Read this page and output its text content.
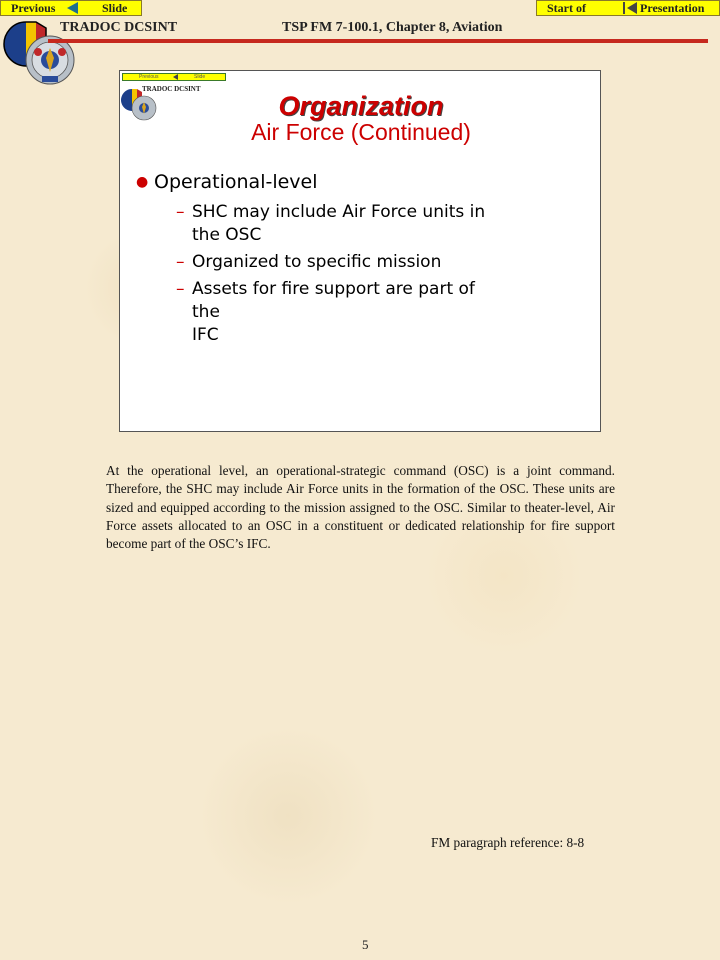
Previous	Slide	Start of	Presentation
TRADOC DCSINT	TSP FM 7-100.1, Chapter 8, Aviation
Previous	Slide
TRADOC DCSINT
Organization
Air Force (Continued)
● Operational-level
– SHC may include Air Force units in
the OSC
– Organized to specific mission
– Assets for fire support are part of the
IFC
At the operational level, an operational-strategic command (OSC) is a joint command. Therefore, the SHC may include Air Force units in the formation of the OSC. These units are sized and equipped according to the mission assigned to the OSC. Similar to theater-level, Air Force assets allocated to an OSC in a constituent or dedicated relationship for fire support become part of the OSC’s IFC.
FM paragraph reference: 8-8
5
